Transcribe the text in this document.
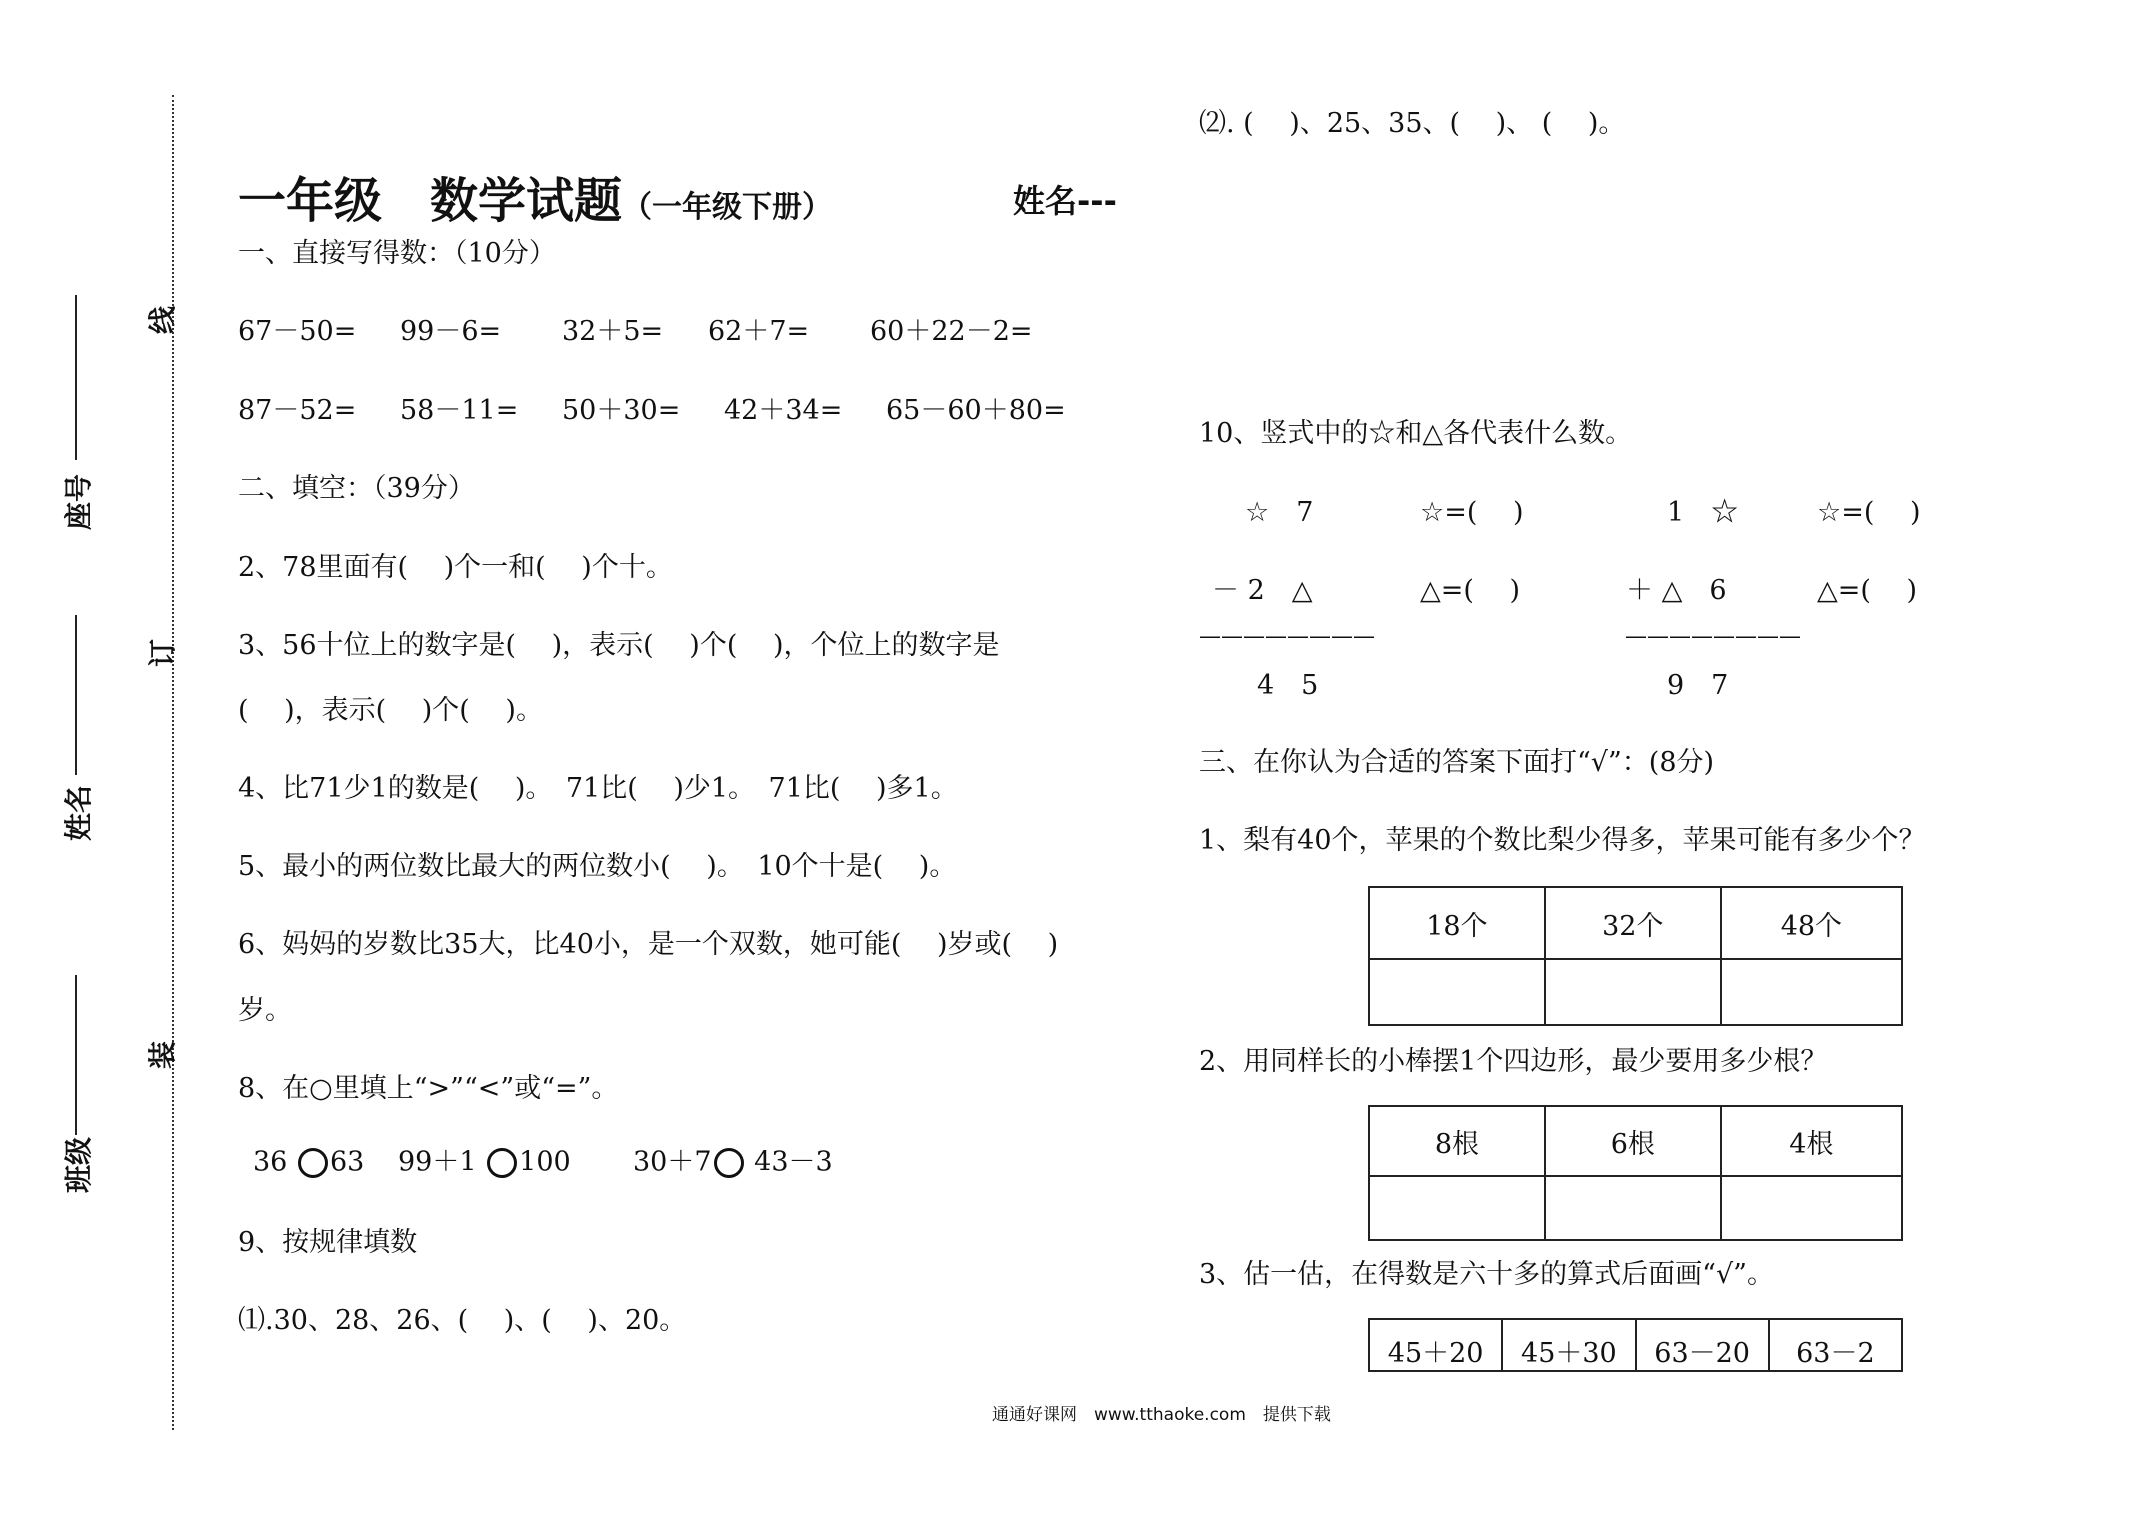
线
订
装
座号
姓名
班级
一年级　数学试题（一年级下册）	姓名---
一、直接写得数：（10分）
67－50= 99－6= 32＋5= 62＋7= 60＋22－2=
87－52= 58－11= 50＋30= 42＋34= 65－60＋80=
二、填空：（39分）
2、78里面有(　 )个一和(　 )个十。
3、56十位上的数字是(　 )，表示(　 )个(　 )，个位上的数字是
(　 )，表示(　 )个(　 )。
4、比71少1的数是(　 )。　71比(　 )少1。　71比(　 )多1。
5、最小的两位数比最大的两位数小(　 )。　10个十是(　 )。
6、妈妈的岁数比35大，比40小，是一个双数，她可能(　 )岁或(　 )
岁。
8、在○里填上“>”“<”或“=”。
36 63 99＋1 100 30＋7 43－3
9、按规律填数
⑴.30、28、26、(　 )、(　 )、20。
⑵. (　 )、25、35、(　 )、 (　 )。
10、竖式中的☆和△各代表什么数。
☆　7
－ 2　△
————————
4　5
☆=(　 )
△=(　 )
1　☆
＋ △　6
————————
9　7
☆=(　 )
△=(　 )
三、在你认为合适的答案下面打“√”：(8分)
1、梨有40个，苹果的个数比梨少得多，苹果可能有多少个？
18个	32个	48个

2、用同样长的小棒摆1个四边形，最少要用多少根？
8根	6根	4根

3、估一估，在得数是六十多的算式后面画“√”。
45＋20	45＋30	63－20	63－2
通通好课网　www.tthaoke.com　提供下载
